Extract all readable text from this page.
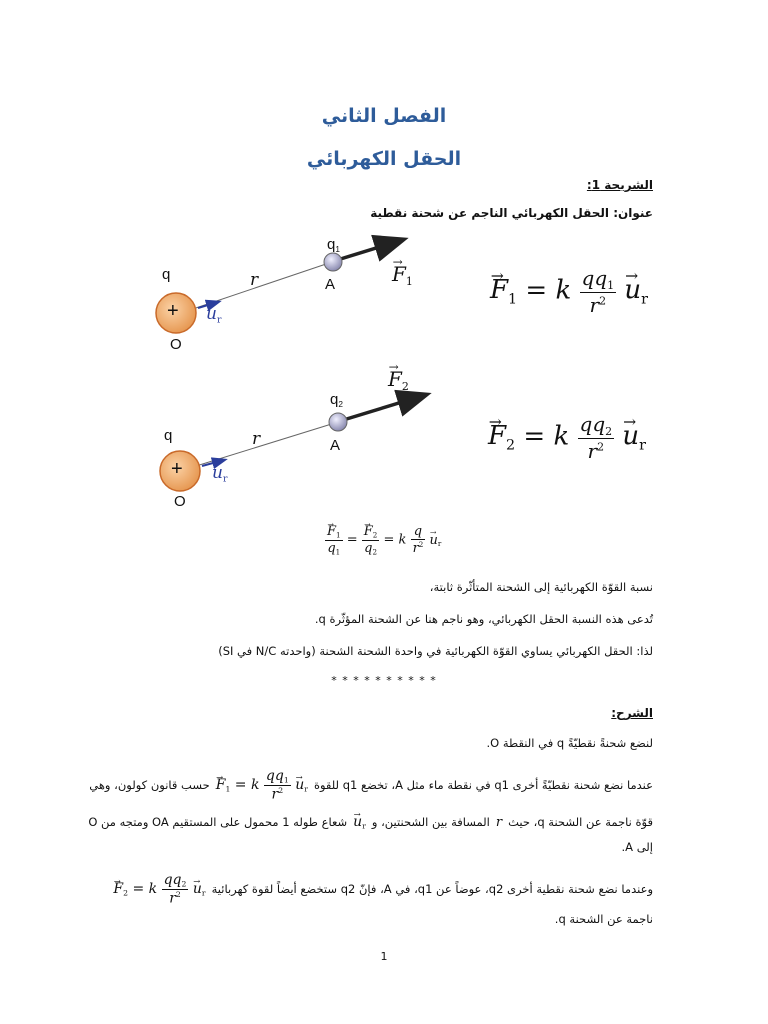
الفصل الثاني
الحقل الكهربائي
الشريحة 1:
عنوان: الحقل الكهربائي الناجم عن شحنة نقطية
+
q
O
A
$q_1$
r
→	$F_1$
→ $u_r$
→ $F_1 = k \frac{qq_1}{r^2}$
→ $u_r$
+
q
O
A
$q_2$
r
→ $F_2$
→ $u_r$
→ $F_2 = k \frac{qq_2}{r^2}$
→ $u_r$
→ $\frac{F_1}{q_1}$ =
→ $\frac{F_2}{q_2} = k \frac{q}{r^2}$
→ $u_r$
نسبة القوّة الكهربائية إلى الشحنة المتأثّرة ثابتة،
تُدعى هذه النسبة الحقل الكهربائي، وهو ناجم هنا عن الشحنة المؤثّرة q.
لذا: الحقل الكهربائي يساوي القوّة الكهربائية في واحدة الشحنة الشحنة (واحدته N/C في SI)
* * * * * * * * * *
الشرح:
لنضع شحنةً نقطيّةً q في النقطة O.
عندما نضع شحنة نقطيّةً أخرى q1 في نقطة ماء مثل A، تخضع q1 للقوة
→ $F_1 = k \frac{qq_1}{r^2}$
→ $u_r$
حسب قانون كولون، وهي
قوّة ناجمة عن الشحنة q، حيث
r
المسافة بين الشحنتين، و
→ $u_r$
شعاع طوله 1 محمول على المستقيم OA ومتجه من O
إلى A.
وعندما نضع شحنة نقطية أخرى q2، عوضاً عن q1، في A، فإنّ q2 ستخضع أيضاً لقوة كهربائية
→ $F_2 = k \frac{qq_2}{r^2}$
→ $u_r$
ناجمة عن الشحنة q.
1
